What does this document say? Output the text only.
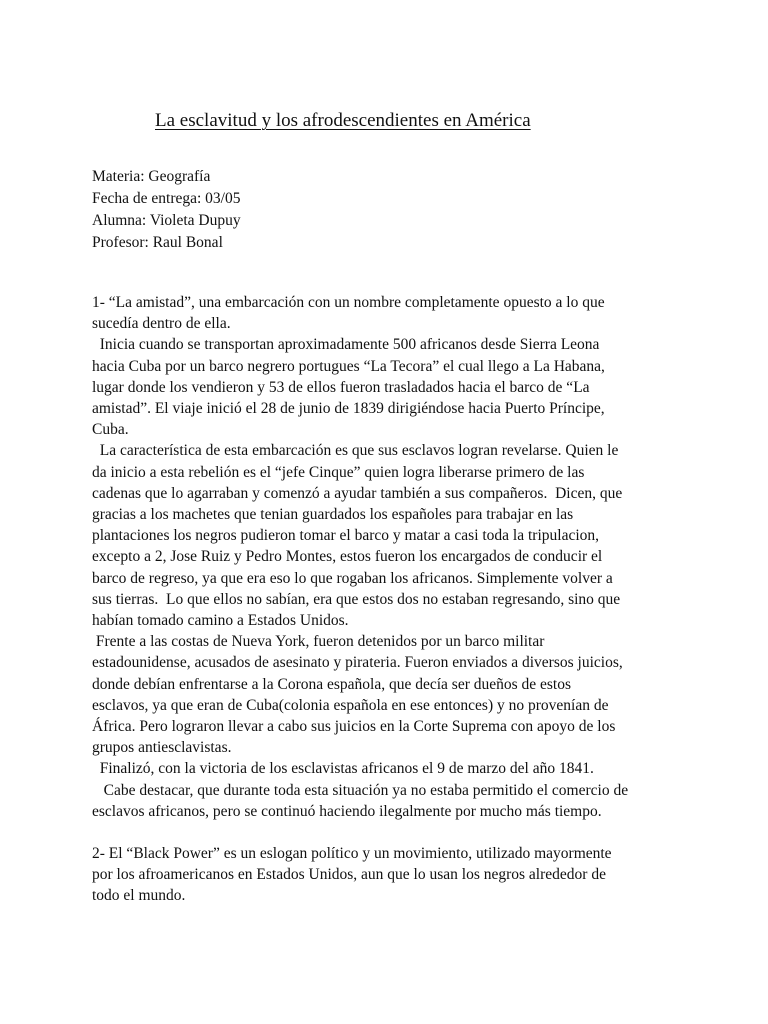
La esclavitud y los afrodescendientes en América
Materia: Geografía
Fecha de entrega: 03/05
Alumna: Violeta Dupuy
Profesor: Raul Bonal
1- “La amistad”, una embarcación con un nombre completamente opuesto a lo que
sucedía dentro de ella.
Inicia cuando se transportan aproximadamente 500 africanos desde Sierra Leona
hacia Cuba por un barco negrero portugues “La Tecora” el cual llego a La Habana,
lugar donde los vendieron y 53 de ellos fueron trasladados hacia el barco de “La
amistad”. El viaje inició el 28 de junio de 1839 dirigiéndose hacia Puerto Príncipe,
Cuba.
La característica de esta embarcación es que sus esclavos logran revelarse. Quien le
da inicio a esta rebelión es el “jefe Cinque” quien logra liberarse primero de las
cadenas que lo agarraban y comenzó a ayudar también a sus compañeros.  Dicen, que
gracias a los machetes que tenian guardados los españoles para trabajar en las
plantaciones los negros pudieron tomar el barco y matar a casi toda la tripulacion,
excepto a 2, Jose Ruiz y Pedro Montes, estos fueron los encargados de conducir el
barco de regreso, ya que era eso lo que rogaban los africanos. Simplemente volver a
sus tierras.  Lo que ellos no sabían, era que estos dos no estaban regresando, sino que
habían tomado camino a Estados Unidos.
Frente a las costas de Nueva York, fueron detenidos por un barco militar
estadounidense, acusados de asesinato y pirateria. Fueron enviados a diversos juicios,
donde debían enfrentarse a la Corona española, que decía ser dueños de estos
esclavos, ya que eran de Cuba(colonia española en ese entonces) y no provenían de
África. Pero lograron llevar a cabo sus juicios en la Corte Suprema con apoyo de los
grupos antiesclavistas.
Finalizó, con la victoria de los esclavistas africanos el 9 de marzo del año 1841.
Cabe destacar, que durante toda esta situación ya no estaba permitido el comercio de
esclavos africanos, pero se continuó haciendo ilegalmente por mucho más tiempo.
2- El “Black Power” es un eslogan político y un movimiento, utilizado mayormente
por los afroamericanos en Estados Unidos, aun que lo usan los negros alrededor de
todo el mundo.
